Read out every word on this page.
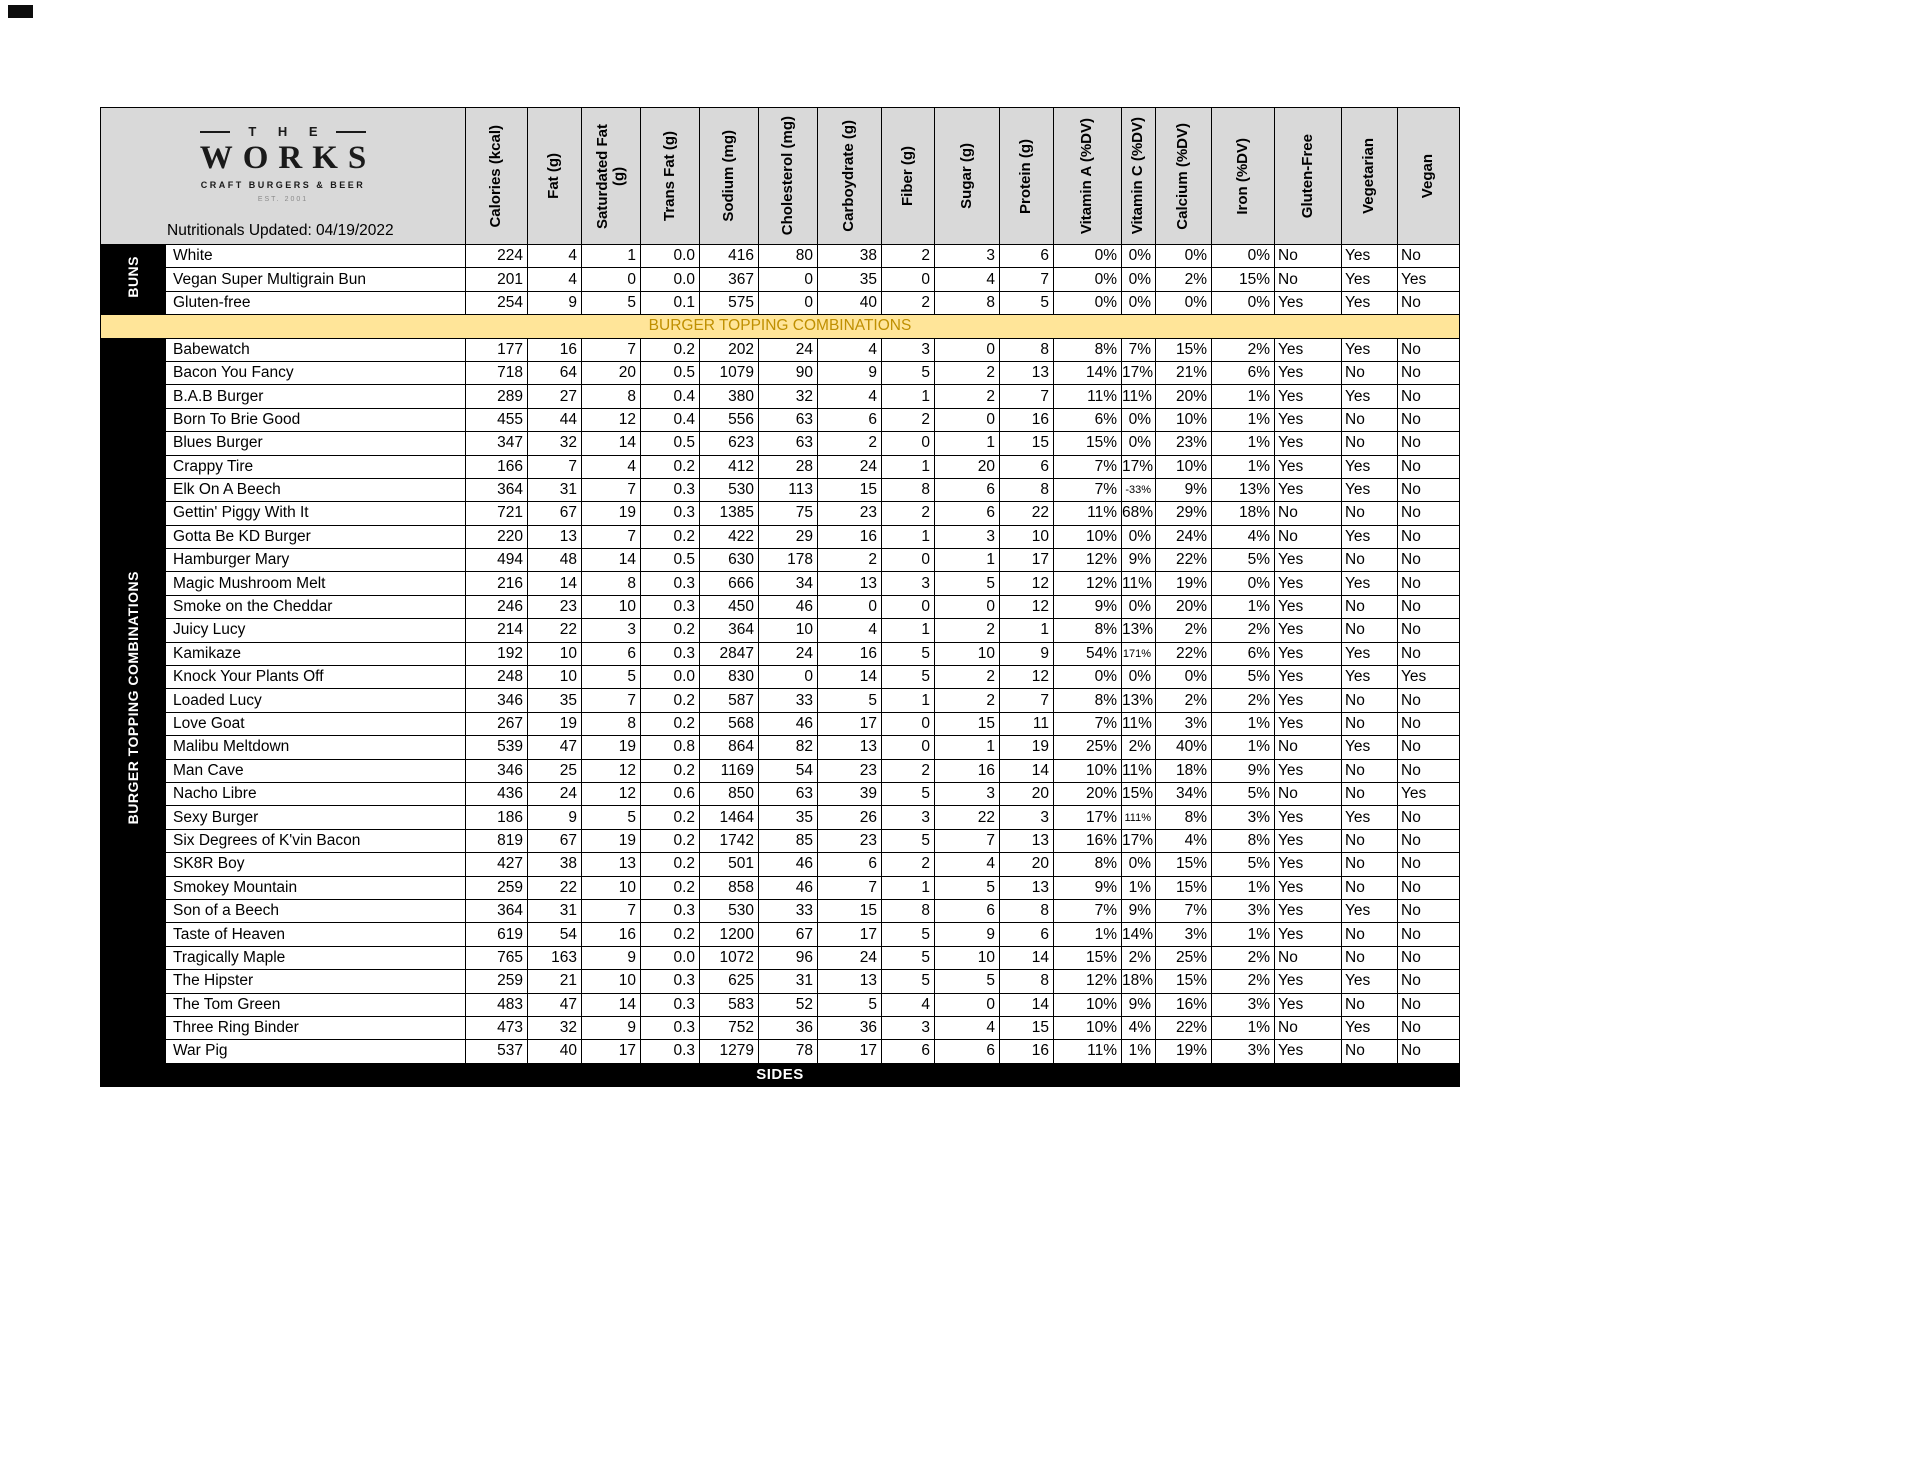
T H E
WORKS
CRAFT BURGERS & BEER
EST. 2001
Nutritionals Updated: 04/19/2022		Calories (kcal)	Fat (g)	Saturdated Fat (g)	Trans Fat (g)	Sodium (mg)	Cholesterol (mg)	Carboydrate (g)	Fiber (g)	Sugar (g)	Protein (g)	Vitamin A (%DV)	Vitamin C (%DV)	Calcium (%DV)	Iron (%DV)	Gluten-Free	Vegetarian	Vegan

BUNS	White	224	4	1	0.0	416	80	38	2	3	6	0%	0%	0%	0%	No	Yes	No
	Vegan Super Multigrain Bun	201	4	0	0.0	367	0	35	0	4	7	0%	0%	2%	15%	No	Yes	Yes
	Gluten-free	254	9	5	0.1	575	0	40	2	8	5	0%	0%	0%	0%	Yes	Yes	No
BURGER TOPPING COMBINATIONS																		
BURGER TOPPING COMBINATIONS	Babewatch	177	16	7	0.2	202	24	4	3	0	8	8%	7%	15%	2%	Yes	Yes	No
	Bacon You Fancy	718	64	20	0.5	1079	90	9	5	2	13	14%	17%	21%	6%	Yes	No	No
	B.A.B Burger	289	27	8	0.4	380	32	4	1	2	7	11%	11%	20%	1%	Yes	Yes	No
	Born To Brie Good	455	44	12	0.4	556	63	6	2	0	16	6%	0%	10%	1%	Yes	No	No
	Blues Burger	347	32	14	0.5	623	63	2	0	1	15	15%	0%	23%	1%	Yes	No	No
	Crappy Tire	166	7	4	0.2	412	28	24	1	20	6	7%	17%	10%	1%	Yes	Yes	No
	Elk On A Beech	364	31	7	0.3	530	113	15	8	6	8	7%	-33%	9%	13%	Yes	Yes	No
	Gettin' Piggy With It	721	67	19	0.3	1385	75	23	2	6	22	11%	68%	29%	18%	No	No	No
	Gotta Be KD Burger	220	13	7	0.2	422	29	16	1	3	10	10%	0%	24%	4%	No	Yes	No
	Hamburger Mary	494	48	14	0.5	630	178	2	0	1	17	12%	9%	22%	5%	Yes	No	No
	Magic Mushroom Melt	216	14	8	0.3	666	34	13	3	5	12	12%	11%	19%	0%	Yes	Yes	No
	Smoke on the Cheddar	246	23	10	0.3	450	46	0	0	0	12	9%	0%	20%	1%	Yes	No	No
	Juicy Lucy	214	22	3	0.2	364	10	4	1	2	1	8%	13%	2%	2%	Yes	No	No
	Kamikaze	192	10	6	0.3	2847	24	16	5	10	9	54%	171%	22%	6%	Yes	Yes	No
	Knock Your Plants Off	248	10	5	0.0	830	0	14	5	2	12	0%	0%	0%	5%	Yes	Yes	Yes
	Loaded Lucy	346	35	7	0.2	587	33	5	1	2	7	8%	13%	2%	2%	Yes	No	No
	Love Goat	267	19	8	0.2	568	46	17	0	15	11	7%	11%	3%	1%	Yes	No	No
	Malibu Meltdown	539	47	19	0.8	864	82	13	0	1	19	25%	2%	40%	1%	No	Yes	No
	Man Cave	346	25	12	0.2	1169	54	23	2	16	14	10%	11%	18%	9%	Yes	No	No
	Nacho Libre	436	24	12	0.6	850	63	39	5	3	20	20%	15%	34%	5%	No	No	Yes
	Sexy Burger	186	9	5	0.2	1464	35	26	3	22	3	17%	111%	8%	3%	Yes	Yes	No
	Six Degrees of K'vin Bacon	819	67	19	0.2	1742	85	23	5	7	13	16%	17%	4%	8%	Yes	No	No
	SK8R Boy	427	38	13	0.2	501	46	6	2	4	20	8%	0%	15%	5%	Yes	No	No
	Smokey Mountain	259	22	10	0.2	858	46	7	1	5	13	9%	1%	15%	1%	Yes	No	No
	Son of a Beech	364	31	7	0.3	530	33	15	8	6	8	7%	9%	7%	3%	Yes	Yes	No
	Taste of Heaven	619	54	16	0.2	1200	67	17	5	9	6	1%	14%	3%	1%	Yes	No	No
	Tragically Maple	765	163	9	0.0	1072	96	24	5	10	14	15%	2%	25%	2%	No	No	No
	The Hipster	259	21	10	0.3	625	31	13	5	5	8	12%	18%	15%	2%	Yes	Yes	No
	The Tom Green	483	47	14	0.3	583	52	5	4	0	14	10%	9%	16%	3%	Yes	No	No
	Three Ring Binder	473	32	9	0.3	752	36	36	3	4	15	10%	4%	22%	1%	No	Yes	No
	War Pig	537	40	17	0.3	1279	78	17	6	6	16	11%	1%	19%	3%	Yes	No	No
SIDES																		
